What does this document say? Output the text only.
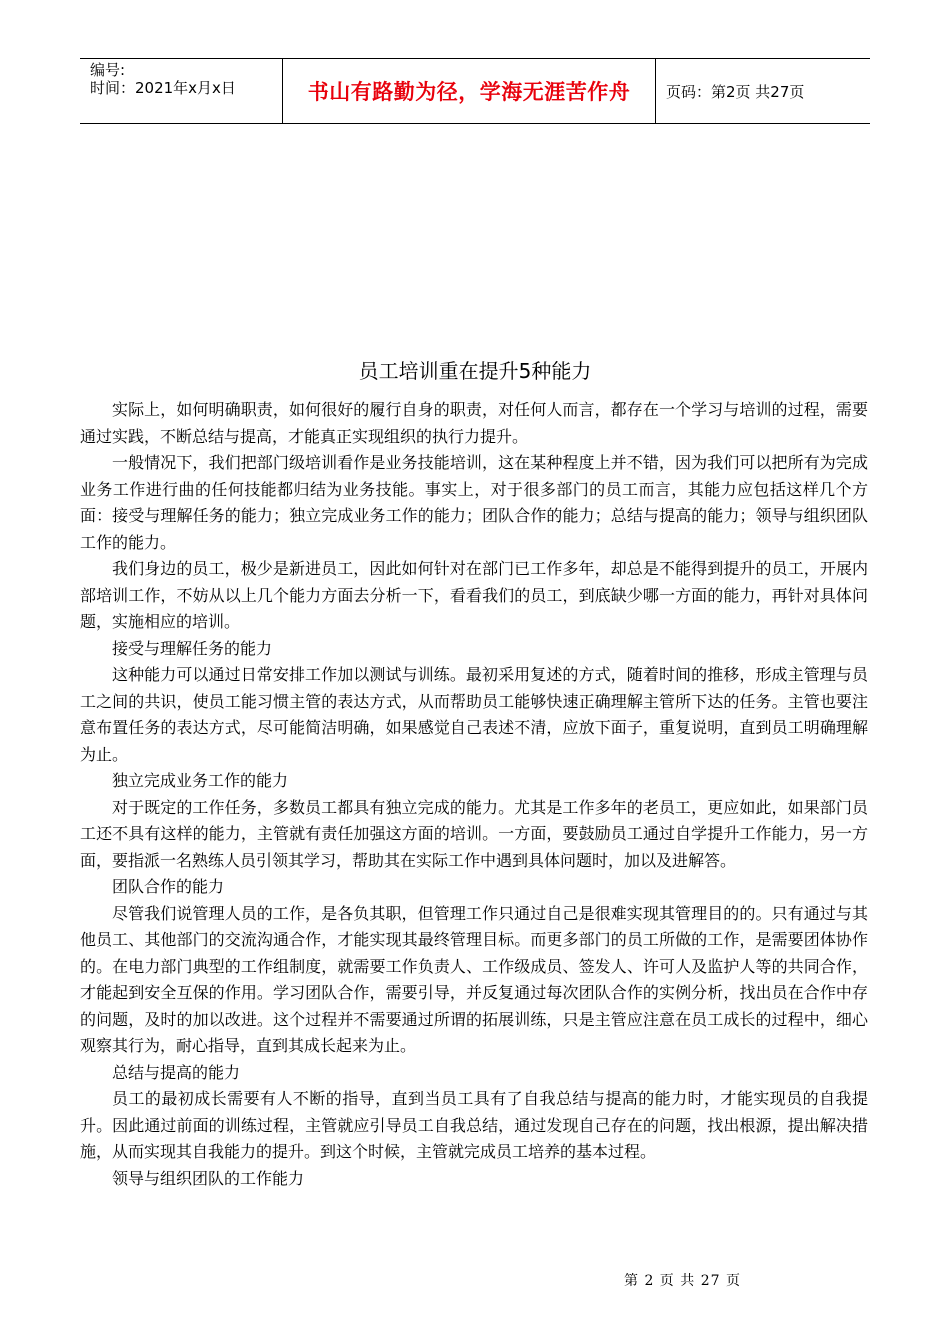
编号:
时间：2021年x月x日	书山有路勤为径，学海无涯苦作舟	页码：第2页 共27页
员工培训重在提升5种能力

实际上，如何明确职责，如何很好的履行自身的职责，对任何人而言，都存在一个学习与培训的过程，需要通过实践，不断总结与提高，才能真正实现组织的执行力提升。

一般情况下，我们把部门级培训看作是业务技能培训，这在某种程度上并不错，因为我们可以把所有为完成业务工作进行曲的任何技能都归结为业务技能。事实上，对于很多部门的员工而言，其能力应包括这样几个方面：接受与理解任务的能力；独立完成业务工作的能力；团队合作的能力；总结与提高的能力；领导与组织团队工作的能力。

我们身边的员工，极少是新进员工，因此如何针对在部门已工作多年，却总是不能得到提升的员工，开展内部培训工作，不妨从以上几个能力方面去分析一下，看看我们的员工，到底缺少哪一方面的能力，再针对具体问题，实施相应的培训。

接受与理解任务的能力

这种能力可以通过日常安排工作加以测试与训练。最初采用复述的方式，随着时间的推移，形成主管理与员工之间的共识，使员工能习惯主管的表达方式，从而帮助员工能够快速正确理解主管所下达的任务。主管也要注意布置任务的表达方式，尽可能简洁明确，如果感觉自己表述不清，应放下面子，重复说明，直到员工明确理解为止。

独立完成业务工作的能力

对于既定的工作任务，多数员工都具有独立完成的能力。尤其是工作多年的老员工，更应如此，如果部门员工还不具有这样的能力，主管就有责任加强这方面的培训。一方面，要鼓励员工通过自学提升工作能力，另一方面，要指派一名熟练人员引领其学习，帮助其在实际工作中遇到具体问题时，加以及进解答。

团队合作的能力

尽管我们说管理人员的工作，是各负其职，但管理工作只通过自己是很难实现其管理目的的。只有通过与其他员工、其他部门的交流沟通合作，才能实现其最终管理目标。而更多部门的员工所做的工作，是需要团体协作的。在电力部门典型的工作组制度，就需要工作负责人、工作级成员、签发人、许可人及监护人等的共同合作，才能起到安全互保的作用。学习团队合作，需要引导，并反复通过每次团队合作的实例分析，找出员在合作中存的问题，及时的加以改进。这个过程并不需要通过所谓的拓展训练，只是主管应注意在员工成长的过程中，细心观察其行为，耐心指导，直到其成长起来为止。

总结与提高的能力

员工的最初成长需要有人不断的指导，直到当员工具有了自我总结与提高的能力时，才能实现员的自我提升。因此通过前面的训练过程，主管就应引导员工自我总结，通过发现自己存在的问题，找出根源，提出解决措施，从而实现其自我能力的提升。到这个时候，主管就完成员工培养的基本过程。

领导与组织团队的工作能力

第 2 页 共 27 页
